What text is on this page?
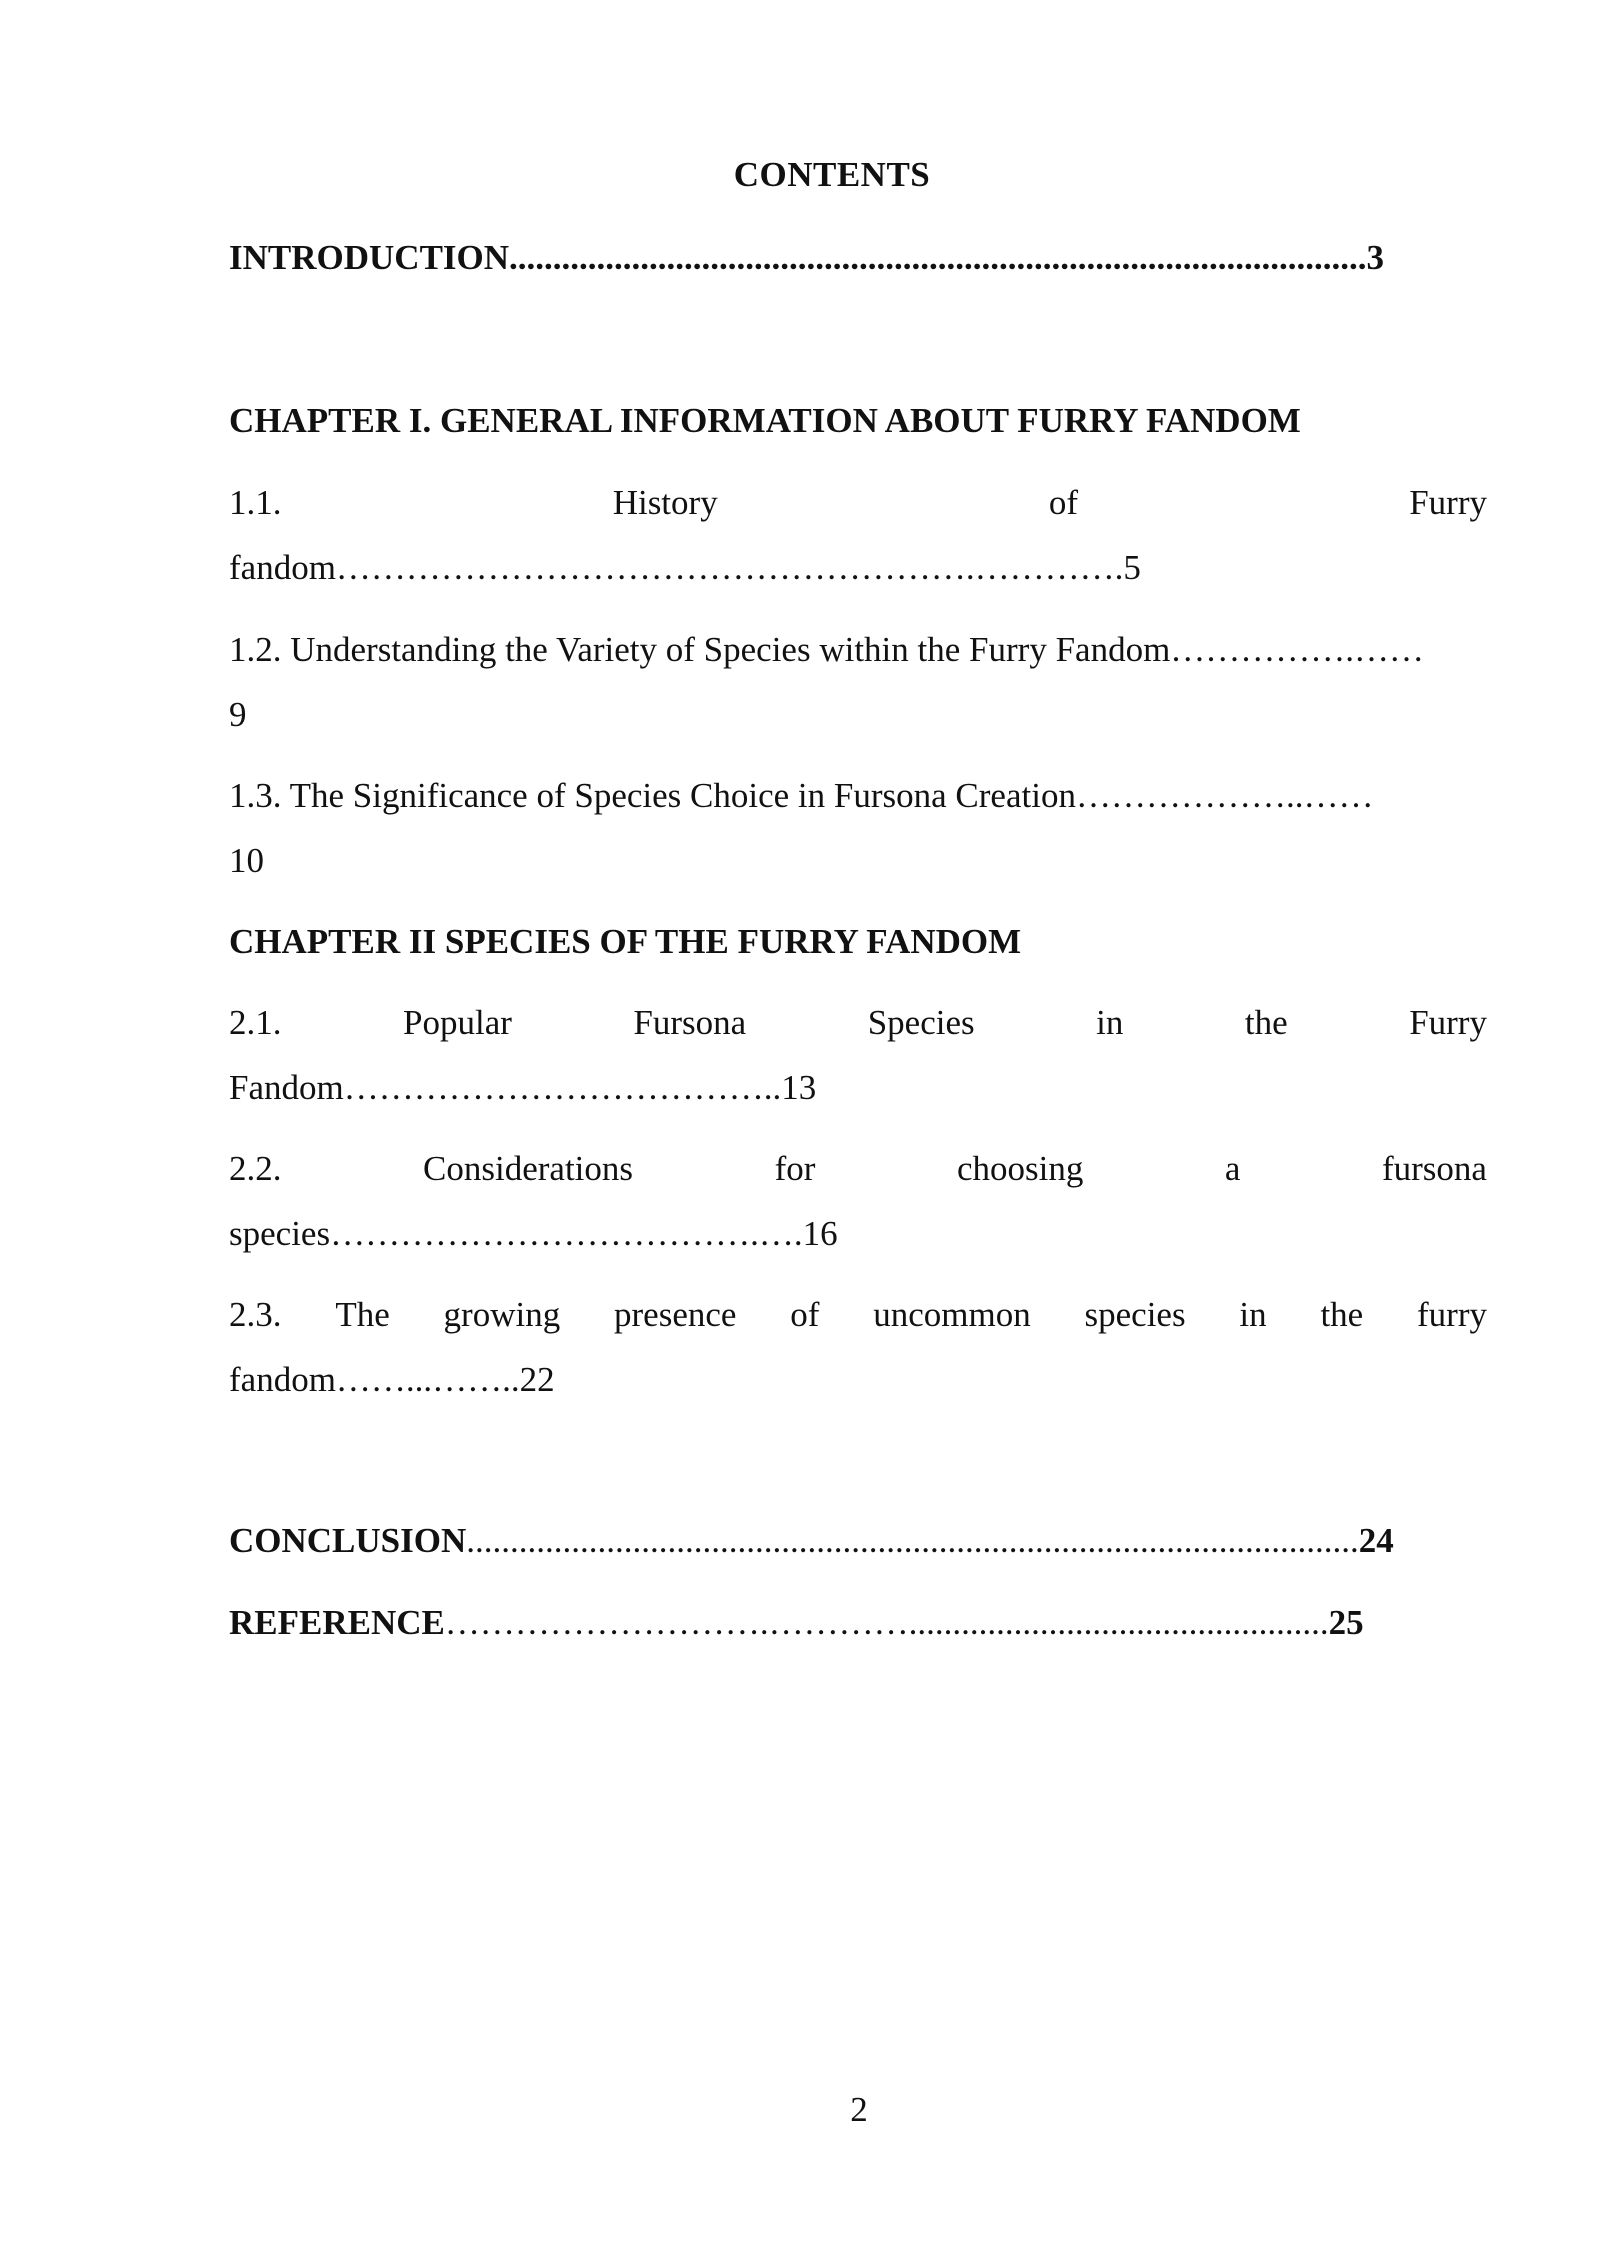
CONTENTS
INTRODUCTION..................................................................................................3
CHAPTER I. GENERAL INFORMATION ABOUT FURRY FANDOM
1.1.	History	of	Furry
fandom……………………………………………….………….5
1.2. Understanding the Variety of Species within the Furry Fandom…………….……
9
1.3. The Significance of Species Choice in Fursona Creation………………..……
10
CHAPTER II SPECIES OF THE FURRY FANDOM
2.1.	Popular	Fursona	Species	in	the	Furry
Fandom………………………………..13
2.2.	Considerations	for	choosing	a	fursona
species……………………………….….16
2.3. The growing presence of uncommon species in the furry
fandom……...……..22
CONCLUSION......................................................................................................24
REFERENCE……………………….…………................................................25
2
